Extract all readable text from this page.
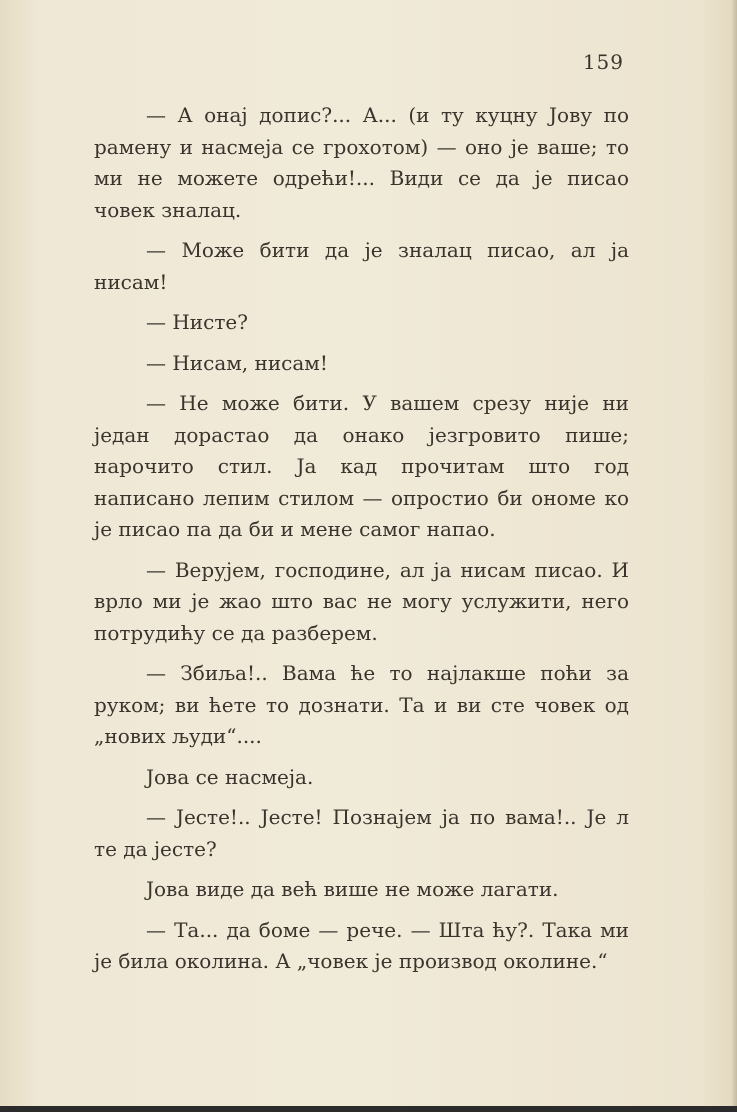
159

— А онај допис?... А... (и ту куцну Јову по рамену и насмеја се грохотом) — оно је ваше; то ми не можете одрећи!... Види се да је писао човек зналац.

— Може бити да је зналац писао, ал ја нисам!

— Нисте?

— Нисам, нисам!

— Не може бити. У вашем срезу није ни један дорастао да онако језгровито пише; нарочито стил. Ја кад прочитам што год написано лепим стилом — опростио би ономе ко је писао па да би и мене самог напао.

— Верујем, господине, ал ја нисам писао. И врло ми је жао што вас не могу услужити, него потрудићу се да разберем.

— Збиља!.. Вама ће то најлакше поћи за руком; ви ћете то дознати. Та и ви сте човек од „нових људи“....

Јова се насмеја.

— Јесте!.. Јесте! Познајем ја по вама!.. Је л те да јесте?

Јова виде да већ више не може лагати.

— Та... да боме — рече. — Шта ћу?. Така ми је била околина. А „човек је производ околине.“
